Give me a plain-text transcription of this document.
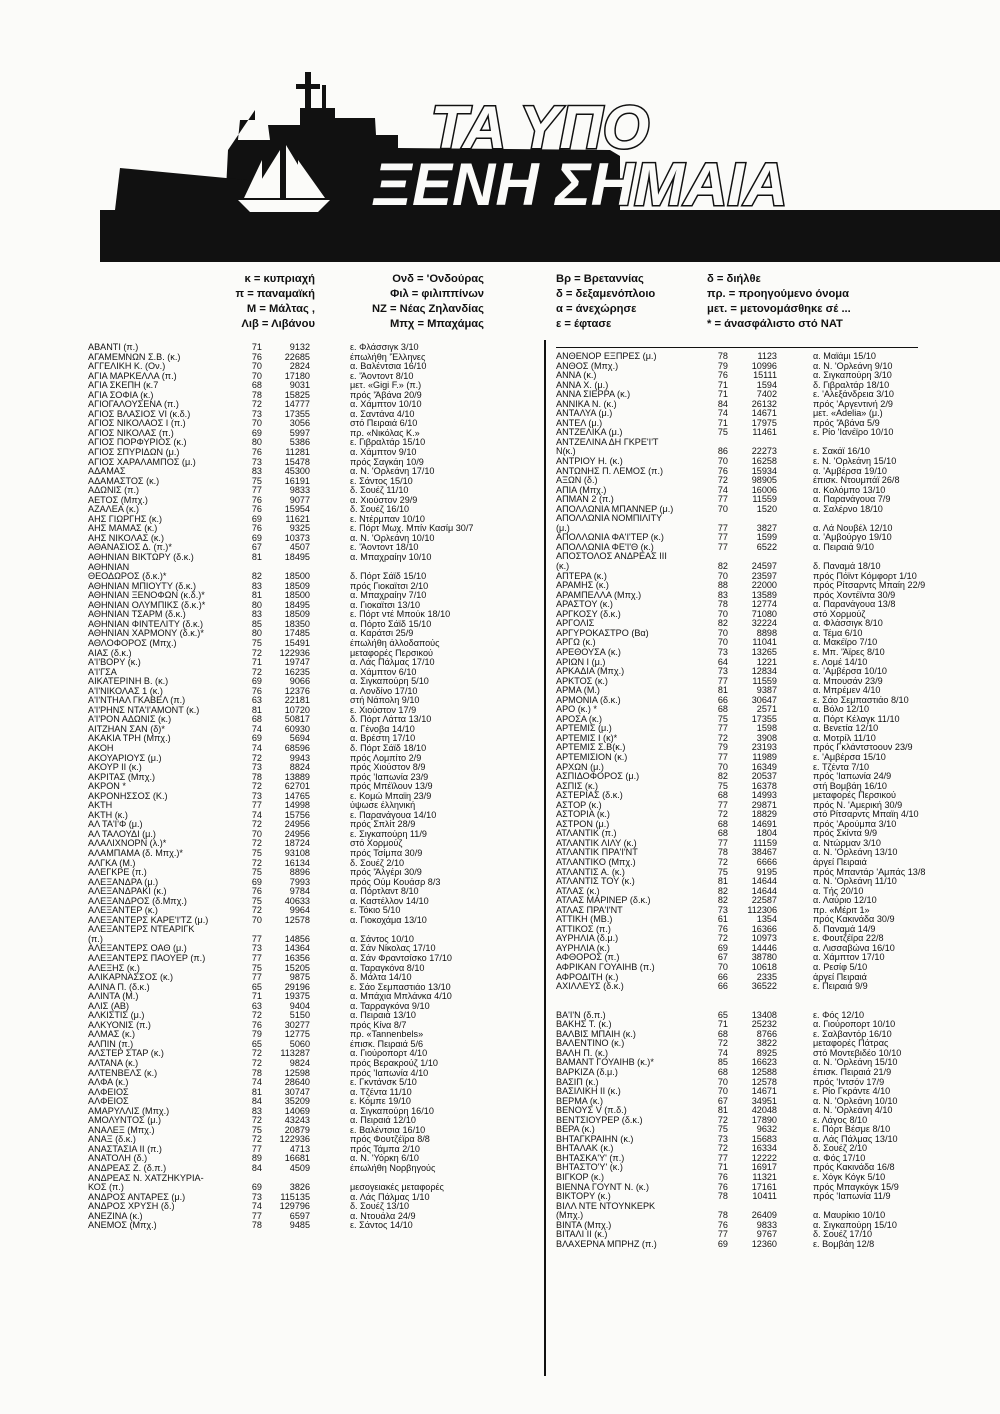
ΤΑ ΥΠΟ
ΞΕΝΗ ΣΗΜΑΙΑ
κ = κυπριαχή
π = παναμαϊκή
Μ = Μάλτας ,
Λιβ = Λιβάνου
Ονδ = 'Ονδούρας
Φιλ = φιλιππίνων
ΝΖ = Νέας Ζηλανδίας
Μπχ = Μπαχάμας
Βρ = Βρεταννίας
δ = δεξαμενόπλοιο
α = άνεχώρησε
ε = έφτασε
δ = διήλθε
πρ. = προηγούμενο όνομα
μετ. = μετονομάσθηκε σέ ...
* = άνασφάλιστο στό ΝΑΤ
ΑΒΑΝΤΙ (π.)	71	9132	ε. Φλάσσιγκ 3/10
ΑΓΑΜΕΜΝΩΝ Σ.Β. (κ.)	76	22685	έπωλήθη 'Έλληνες
ΑΓΓΕΛΙΚΗ Κ. (Ον.)	70	2824	α. Βαλέντσια 16/10
ΑΓΙΑ ΜΑΡΚΕΛΛΑ (π.)	70	17180	ε. 'Άοντοντ 8/10
ΑΓΙΑ ΣΚΕΠΗ (κ.7	68	9031	μετ. «Gigi F.» (π.)
ΑΓΙΑ ΣΟΦΙΑ (κ.)	78	15825	πρός 'Άβάνα 20/9
ΑΓΙΟΓΑΛΟΥΣΕΝΑ (π.)	72	14777	α. Χάμπτον 10/10
ΑΓΙΟΣ ΒΛΑΣΙΟΣ VI (κ.δ.)	73	17355	α. Σαντάνα 4/10
ΑΓΙΟΣ ΝΙΚΟΛΑΟΣ Ι (π.)	70	3056	στό Πειραιά 6/10
ΑΓΙΟΣ ΝΙΚΟΛΑΣ (π.)	69	5997	πρ. «Νικόλας Κ.»
ΑΓΙΟΣ ΠΟΡΦΥΡΙΟΣ (κ.)	80	5386	ε. Γιβραλτάρ 15/10
ΑΓΙΟΣ ΣΠΥΡΙΔΩΝ (μ.)	76	11281	α. Χάμπτον 9/10
ΑΓΙΟΣ ΧΑΡΑΛΑΜΠΟΣ (μ.)	73	15478	πρός Σαγκάη 10/9
ΑΔΑΜΑΣ	83	45300	α. Ν. 'Ορλεάνη 17/10
ΑΔΑΜΑΣΤΟΣ (κ.)	75	16191	ε. Σάντος 15/10
ΑΔΩΝΙΣ (π.)	77	9833	δ. Σουέζ 11/10
ΑΕΤΟΣ (Μπχ.)	76	9077	α. Χιούστον 29/9
ΑΖΑΛΕΑ (κ.)	76	15954	δ. Σουέζ 16/10
ΑΗΣ ΓΙΩΡΓΗΣ (κ.)	69	11621	ε. Ντέρμπαν 10/10
ΑΗΣ ΜΑΜΑΣ (κ.)	76	9325	ε. Πόρτ Μωχ. Μπίν Κασίμ 30/7
ΑΗΣ ΝΙΚΟΛΑΣ (κ.)	69	10373	α. Ν. 'Ορλεάνη 10/10
ΑΘΑΝΑΣΙΟΣ Δ. (π.)*	67	4507	ε. 'Άοντοντ 18/10
ΑΘΗΝΙΑΝ ΒΙΚΤΩΡΥ (δ.κ.)	81	18495	α. Μπαχραίην 10/10
ΑΘΗΝΙΑΝ
ΘΕΟΔΩΡΟΣ (δ.κ.)*	82	18500	δ. Πόρτ Σάϊδ 15/10
ΑΘΗΝΙΑΝ ΜΠΙΟΥΤΥ (δ.κ.)	83	18509	πρός Γιοκαϊτσι 2/10
ΑΘΗΝΙΑΝ ΞΕΝΟΦΩΝ (κ.δ.)*	81	18500	α. Μπαχραίην 7/10
ΑΘΗΝΙΑΝ ΟΛΥΜΠΙΚΣ (δ.κ.)*	80	18495	α. Γιοκαϊτσι 13/10
ΑΘΗΝΙΑΝ ΤΣΑΡΜ (δ.κ.)	83	18509	ε. Πόρτ ντέ Μπούκ 18/10
ΑΘΗΝΙΑΝ ΦΙΝΤΕΛΙΤΥ (δ.κ.)	85	18350	α. Πόρτο Σάϊδ 15/10
ΑΘΗΝΙΑΝ ΧΑΡΜΟΝΥ (δ.κ.)*	80	17485	α. Καράτσι 25/9
ΑΘΛΟΦΟΡΟΣ (Μπχ.)	75	15491	έπωλήθη άλλοδαπούς
ΑΙΑΣ (δ.κ.)	72	122936	μεταφορές Περσικού
Α'Ι'ΒΟΡΥ (κ.)	71	19747	α. Λάς Πάλμας 17/10
Α'Ι'ΓΣΑ	72	16235	α. Χάμπτον 6/10
ΑΙΚΑΤΕΡΙΝΗ Β. (κ.)	69	9066	α. Σιγκαπούρη 5/10
Α'Ι'ΝΙΚΟΛΑΣ 1 (κ.)	76	12376	α. Λονδίνο 17/10
Α'Ι'ΝΤΗΑΛ ΓΚΑΒΕΛ (π.)	63	22181	στή Νάπολη 9/10
Α'Ι'ΡΗΝΣ ΝΤΑ'Ι'ΑΜΟΝΤ (κ.)	81	10720	ε. Χιούστον 17/9
Α'Ι'ΡΟΝ ΑΔΩΝΙΣ (κ.)	68	50817	δ. Πόρτ Λάττα 13/10
ΑΙΤΖΗΑΝ ΣΑΝ (δ)*	74	60930	α. Γένοβα 14/10
ΑΚΑΚΙΑ ΤΡΗ (Μπχ.)	69	5694	α. Βρέστη 17/10
ΑΚΟΗ	74	68596	δ. Πόρτ Σάϊδ 18/10
ΑΚΟΥΑΡΙΟΥΣ (μ.)	72	9943	πρός Λομπίτο 2/9
ΑΚΟΥΡ ΙΙ (κ.)	73	8824	πρός Χιούστον 8/9
ΑΚΡΙΤΑΣ (Μπχ.)	78	13889	πρός 'Ιαπωνία 23/9
ΑΚΡΟΝ *	72	62701	πρός Μπέϊλουν 13/9
ΑΚΡΟΝΗΣΣΟΣ (Κ.)	73	14765	ε. Κομώ Μπαϊη 23/9
ΑΚΤΗ	77	14998	ύψωσε έλληνική
ΑΚΤΗ (κ.)	74	15756	ε. Παρανάγουα 14/10
ΑΛ ΤΑ'Ι'Φ (μ.)	72	24956	πρός Σπλίτ 28/9
ΑΛ ΤΑΛΟΥΔΙ (μ.)	70	24956	ε. Σιγκαπούρη 11/9
ΑΛΑΛΙΧΝΟΡΝ (λ.)*	72	18724	στό Χορμούζ
ΑΛΑΜΠΑΜΑ (δ. Μπχ.)*	75	93108	πρός Τσίμπα 30/9
ΑΛΓΚΑ (Μ.)	72	16134	δ. Σουέζ 2/10
ΑΛΕΓΚΡΕ (π.)	75	8896	πρός 'Άλγέρι 30/9
ΑΛΕΞΑΝΔΡΑ (μ.)	69	7993	πρός Ούμ Κουάσρ 8/3
ΑΛΕΞΑΝΔΡΑΚΙ (κ.)	76	9784	α. Πόρτλαντ 8/10
ΑΛΕΞΑΝΔΡΟΣ (δ.Μπχ.)	75	40633	α. Καστέλλον 14/10
ΑΛΕΞΑΝΤΕΡ (κ.)	72	9964	ε. Τόκιο 5/10
ΑΛΕΞΑΝΤΕΡΣ ΚΑΡΕ'Ι'ΤΖ (μ.)	70	12578	α. Γιοκοχάμα 13/10
ΑΛΕΞΑΝΤΕΡΣ ΝΤΕΑΡΙΓΚ
(π.)	77	14856	α. Σάντος 10/10
ΑΛΕΞΑΝΤΕΡΣ ΟΑΘ (μ.)	73	14364	α. Σάν Νίκολας 17/10
ΑΛΕΞΑΝΤΕΡΣ ΠΑΟΥΕΡ (π.)	77	16356	α. Σάν Φραντσίσκο 17/10
ΑΛΕΞΗΣ (κ.)	75	15205	α. Ταραγκόνα 8/10
ΑΛΙΚΑΡΝΑΣΣΟΣ (κ.)	77	9875	δ. Μάλτα 14/10
ΑΛΙΝΑ Π. (δ.κ.)	65	29196	ε. Σάο Σεμπαστιάο 13/10
ΑΛΙΝΤΑ (Μ.)	71	19375	α. Μπάχια Μπλάνκα 4/10
ΑΛΙΣ (ΑΒ)	63	9404	α. Ταρραγκόνα 9/10
ΑΛΚΙΣΤΙΣ (μ.)	72	5150	α. Πειραιά 13/10
ΑΛΚΥΟΝΙΣ (π.)	76	30277	πρός Κίνα 8/7
ΑΛΜΑΣ (κ.)	79	12775	πρ. «Tannenbels»
ΑΛΠΙΝ (π.)	65	5060	έπισκ. Πειραιά 5/6
ΑΛΣΤΕΡ ΣΤΑΡ (κ.)	72	113287	α. Γιούροπορτ 4/10
ΑΛΤΑΝΑ (κ.)	72	9824	πρός Βερακρούζ 1/10
ΑΛΤΕΝΒΕΛΣ (κ.)	78	12598	πρός 'Ιαπωνία 4/10
ΑΛΦΑ (κ.)	74	28640	ε. Γκντάνσκ 5/10
ΑΛΦΕΙΟΣ	81	30747	α. Τζέντα 11/10
ΑΛΦΕΙΟΣ	84	35209	ε. Κόμπε 19/10
ΑΜΑΡΥΛΛΙΣ (Μπχ.)	83	14069	α. Σιγκαπούρη 16/10
ΑΜΟΛΥΝΤΟΣ (μ.)	72	43243	α. Πειραιά 12/10
ΑΝΑΛΕΞ (Μπχ.)	75	20879	ε. Βαλέντσια 16/10
ΑΝΑΞ (δ.κ.)	72	122936	πρός Φουτζέϊρα 8/8
ΑΝΑΣΤΑΣΙΑ ΙΙ (π.)	77	4713	πρός Τάμπα 2/10
ΑΝΑΤΟΛΗ (δ.)	89	16681	α. Ν. 'Υόρκη 6/10
ΑΝΔΡΕΑΣ Ζ. (δ.π.)	84	4509	έπωλήθη Νορβηγούς
ΑΝΔΡΕΑΣ Ν. ΧΑΤΖΗΚΥΡΙΑ-
ΚΟΣ (π.)	69	3826	μεσογειακές μεταφορές
ΑΝΔΡΟΣ ΑΝΤΑΡΕΣ (μ.)	73	115135	α. Λάς Πάλμας 1/10
ΑΝΔΡΟΣ ΧΡΥΣΗ (δ.)	74	129796	δ. Σουέζ 13/10
ΑΝΕΖΙΝΑ (κ.)	77	6597	α. Ντουάλα 24/9
ΑΝΕΜΟΣ (Μπχ.)	78	9485	ε. Σάντος 14/10
ΑΝΘΕΝΟΡ ΕΞΠΡΕΣ (μ.)	78	1123	α. Μαϊάμι 15/10
ΑΝΘΟΣ (Μπχ.)	79	10996	α. Ν. 'Ορλεάνη 9/10
ΑΝΝΑ (κ.)	76	15111	α. Σιγκαπούρη 3/10
ΑΝΝΑ Χ. (μ.)	71	1594	δ. Γιβραλτάρ 18/10
ΑΝΝΑ ΣΙΕΡΡΑ (κ.)	71	7402	ε. 'Αλεξάνδρεια 3/10
ΑΝΝΙΚΑ Ν. (κ.)	84	26132	πρός 'Αργεντινή 2/9
ΑΝΤΑΛΥΑ (μ.)	74	14671	μετ. «Adelia» (μ.)
ΑΝΤΕΛ (μ.)	71	17975	πρός 'Άβάνα 5/9
ΑΝΤΖΕΛΙΚΑ (μ.)	75	11461	ε. Ρίο 'Ιανέϊρο 10/10
ΑΝΤΖΕΛΙΝΑ ΔΗ ΓΚΡΕ'Ι'Τ
Ν(κ.)	86	22273	ε. Σακάϊ 16/10
ΑΝΤΡΙΟΥ Η. (κ.)	70	16258	ε. Ν. 'Ορλεάνη 15/10
ΑΝΤΩΝΗΣ Π. ΛΕΜΟΣ (π.)	76	15934	α. 'Αμβέρσα 19/10
ΑΞΩΝ (δ.)	72	98905	έπισκ. Ντουμπάϊ 26/8
ΑΠΙΑ (Μπχ.)	74	16006	α. Κολόμπο 13/10
ΑΠΜΑΝ 2 (π.)	77	11559	α. Παρανάγουα 7/9
ΑΠΟΛΛΩΝΙΑ ΜΠΑΝΝΕΡ (μ.)	70	1520	α. Σαλέρνο 18/10
ΑΠΟΛΛΩΝΙΑ ΝΟΜΠΙΛΙΤΥ
(μ.)	77	3827	α. Λά Νουβέλ 12/10
ΑΠΟΛΛΩΝΙΑ ΦΑ'Ι'ΤΕΡ (κ.)	77	1599	α. 'Αμβούργο 19/10
ΑΠΟΛΛΩΝΙΑ ΦΕ'Ι'Θ (κ.)	77	6522	α. Πειραιά 9/10
ΑΠΟΣΤΟΛΟΣ ΑΝΔΡΕΑΣ ΙΙΙ
(κ.)	82	24597	δ. Παναμά 18/10
ΑΠΤΕΡΑ (κ.)	70	23597	πρός Πόϊντ Κόμφορτ 1/10
ΑΡΑΜΗΣ (κ.)	88	22000	πρός Ρίτσαρντς Μπαίη 22/9
ΑΡΑΜΠΕΛΛΑ (Μπχ.)	83	13589	πρός Χοντέϊντα 30/9
ΑΡΑΣΤΟΥ (κ.)	78	12774	α. Παρανάγουα 13/8
ΑΡΓΚΟΣΥ (δ.κ.)	70	71080	στό Χορμούζ
ΑΡΓΟΛΙΣ	82	32224	α. Φλάσσιγκ 8/10
ΑΡΓΥΡΟΚΑΣΤΡΟ (Βα)	70	8898	α. Τέμα 6/10
ΑΡΓΩ (κ.)	70	11041	α. Μακέϊρο 7/10
ΑΡΕΘΟΥΣΑ (κ.)	73	13265	ε. Μπ. 'Άϊρες 8/10
ΑΡΙΩΝ Ι (μ.)	64	1221	ε. Λομέ 14/10
ΑΡΚΑΔΙΑ (Μπχ.)	73	12834	α. 'Αμβέρσα 10/10
ΑΡΚΤΟΣ (κ.)	77	11559	α. Μπουσάν 23/9
ΑΡΜΑ (Μ.)	81	9387	α. Μπρέμεν 4/10
ΑΡΜΟΝΙΑ (δ.κ.)	66	30647	ε. Σάο Σεμπαστιάο 8/10
ΑΡΟ (κ.) *	68	2571	α. Βόλο 12/10
ΑΡΟΣΑ (κ.)	75	17355	α. Πόρτ Κέλαγκ 11/10
ΑΡΤΕΜΙΣ (μ.)	77	1598	α. Βενετία 12/10
ΑΡΤΕΜΙΣ Ι (κ)*	72	3908	α. Μοτρίλ 11/10
ΑΡΤΕΜΙΣ Σ.Β(κ.)	79	23193	πρός Γκλάντστοουν 23/9
ΑΡΤΕΜΙΣΙΟΝ (κ.)	77	11989	ε. 'Αμβέρσα 15/10
ΑΡΧΩΝ (μ.)	70	16349	ε. Τζέντα 7/10
ΑΣΠΙΔΟΦΟΡΟΣ (μ.)	82	20537	πρός 'Ιαπωνία 24/9
ΑΣΠΙΣ (κ.)	75	16378	στή Βομβάη 16/10
ΑΣΤΕΡΙΑΣ (δ.κ.)	68	14993	μεταφορές Περσικού
ΑΣΤΟΡ (κ.)	77	29871	πρός Ν. 'Αμερική 30/9
ΑΣΤΟΡΙΑ (κ.)	72	18829	στό Ρίτσαρντς Μπαϊη 4/10
ΑΣΤΡΟΝ (μ.)	68	14691	πρός 'Αρούμπα 3/10
ΑΤΛΑΝΤΙΚ (π.)	68	1804	πρός Σκίντα 9/9
ΑΤΛΑΝΤΙΚ ΛΙΛΥ (κ.)	77	11159	α. Ντώρμαν 3/10
ΑΤΛΑΝΤΙΚ ΠΡΑ'Ι'ΝΤ	78	38467	α. Ν. 'Ορλεάνη 13/10
ΑΤΛΑΝΤΙΚΟ (Μπχ.)	72	6666	άργεί Πειραιά
ΑΤΛΑΝΤΙΣ Α. (κ.)	75	9195	πρός Μπαντάρ 'Αμπάς 13/8
ΑΤΛΑΝΤΙΣ ΤΟΥ (κ.)	81	14644	α. Ν. 'Ορλεάνη 11/10
ΑΤΛΑΣ (κ.)	82	14644	α. Τής 20/10
ΑΤΛΑΣ ΜΑΡΙΝΕΡ (δ.κ.)	82	22587	α. Λαύριο 12/10
ΑΤΛΑΣ ΠΡΑ'Ι'ΝΤ	73	112306	πρ. «Μέριτ 1»
ΑΤΤΙΚΗ (ΜΒ.)	61	1354	πρός Κακινάδα 30/9
ΑΤΤΙΚΟΣ (π.)	76	16366	δ. Παναμά 14/9
ΑΥΡΗΛΙΑ (δ.μ.)	72	10973	ε. Φουτζέϊρα 22/8
ΑΥΡΗΛΙΑ (κ.)	69	14446	α. Λισσαβώνα 16/10
ΑΦΘΟΡΟΣ (π.)	67	38780	α. Χάμπτον 17/10
ΑΦΡΙΚΑΝ ΓΟΥΑΙΗΒ (π.)	70	10618	α. Ρεσίφ 5/10
ΑΦΡΟΔΙΤΗ (κ.)	66	2335	άργεί Πειραιά
ΑΧΙΛΛΕΥΣ (δ.κ.)	66	36522	ε. Πειραιά 9/9
ΒΑ'Ι'Ν (δ.π.)	65	13408	ε. Φός 12/10
ΒΑΚΗΣ Τ. (κ.)	71	25232	α. Γιούροπορτ 10/10
ΒΑΛΒΙΣ ΜΠΑΙΗ (κ.)	68	8766	ε. Σαλβαντόρ 16/10
ΒΑΛΕΝΤΙΝΟ (κ.)	72	3822	μεταφορές Πάτρας
ΒΑΛΗ Π. (κ.)	74	8925	στό Μοντεβιδέο 10/10
ΒΑΜΑΝΤ ΓΟΥΑΙΗΒ (κ.)*	85	16623	α. Ν. 'Ορλεάνη 15/10
ΒΑΡΚΙΖΑ (δ.μ.)	68	12588	έπισκ. Πειραιά 21/9
ΒΑΣΙΠ (κ.)	70	12578	πρός 'Ιντσόν 17/9
ΒΑΣΙΛΙΚΗ ΙΙ (κ.)	70	14671	ε. Ρίο Γκράντε 4/10
ΒΕΡΜΑ (κ.)	67	34951	α. Ν. 'Ορλεάνη 10/10
ΒΕΝΟΥΣ V (π.δ.)	81	42048	α. Ν. 'Ορλεάνη 4/10
ΒΕΝΤΣΙΟΥΡΕΡ (δ.κ.)	72	17890	ε. Λάγος 8/10
ΒΕΡΑ (κ.)	75	9632	ε. Πόρτ Βέσμε 8/10
ΒΗΤΑΓΚΡΑΙΗΝ (κ.)	73	15683	α. Λάς Πάλμας 13/10
ΒΗΤΑΛΑΚ (κ.)	72	16334	δ. Σουέζ 2/10
ΒΗΤΑΣΚΑ'Υ' (π.)	77	12222	α. Φός 17/10
ΒΗΤΑΣΤΟ'Υ' (κ.)	71	16917	πρός Κακινάδα 16/8
ΒΙΓΚΟΡ (κ.)	76	11321	ε. Χόγκ Κόγκ 5/10
ΒΙΕΝΝΑ ΓΟΥΝΤ Ν. (κ.)	76	17161	πρός Μπαγκόγκ 15/9
ΒΙΚΤΟΡΥ (κ.)	78	10411	πρός 'Ιαπωνία 11/9
ΒΙΛΛ ΝΤΕ ΝΤΟΥΝΚΕΡΚ
(Μπχ.)	78	26409	α. Μαυρίκιο 10/10
ΒΙΝΤΑ (Μπχ.)	76	9833	α. Σιγκαπούρη 15/10
ΒΙΤΑΛΙ ΙΙ (κ.)	77	9767	δ. Σουέζ 17/10
ΒΛΑΧΕΡΝΑ ΜΠΡΗΖ (π.)	69	12360	ε. Βομβάη 12/8
